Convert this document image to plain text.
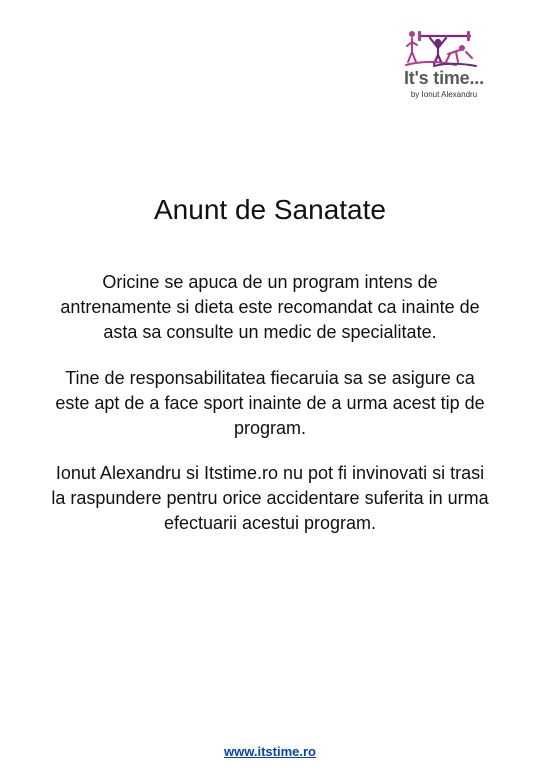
It's time...
by Ionut Alexandru
Anunt de Sanatate
Oricine se apuca de un program intens de antrenamente si dieta este recomandat ca inainte de asta sa consulte un medic de specialitate.
Tine de responsabilitatea fiecaruia sa se asigure ca este apt de a face sport inainte de a urma acest tip de program.
Ionut Alexandru si Itstime.ro nu pot fi invinovati si trasi la raspundere pentru orice accidentare suferita in urma efectuarii acestui program.
www.itstime.ro
